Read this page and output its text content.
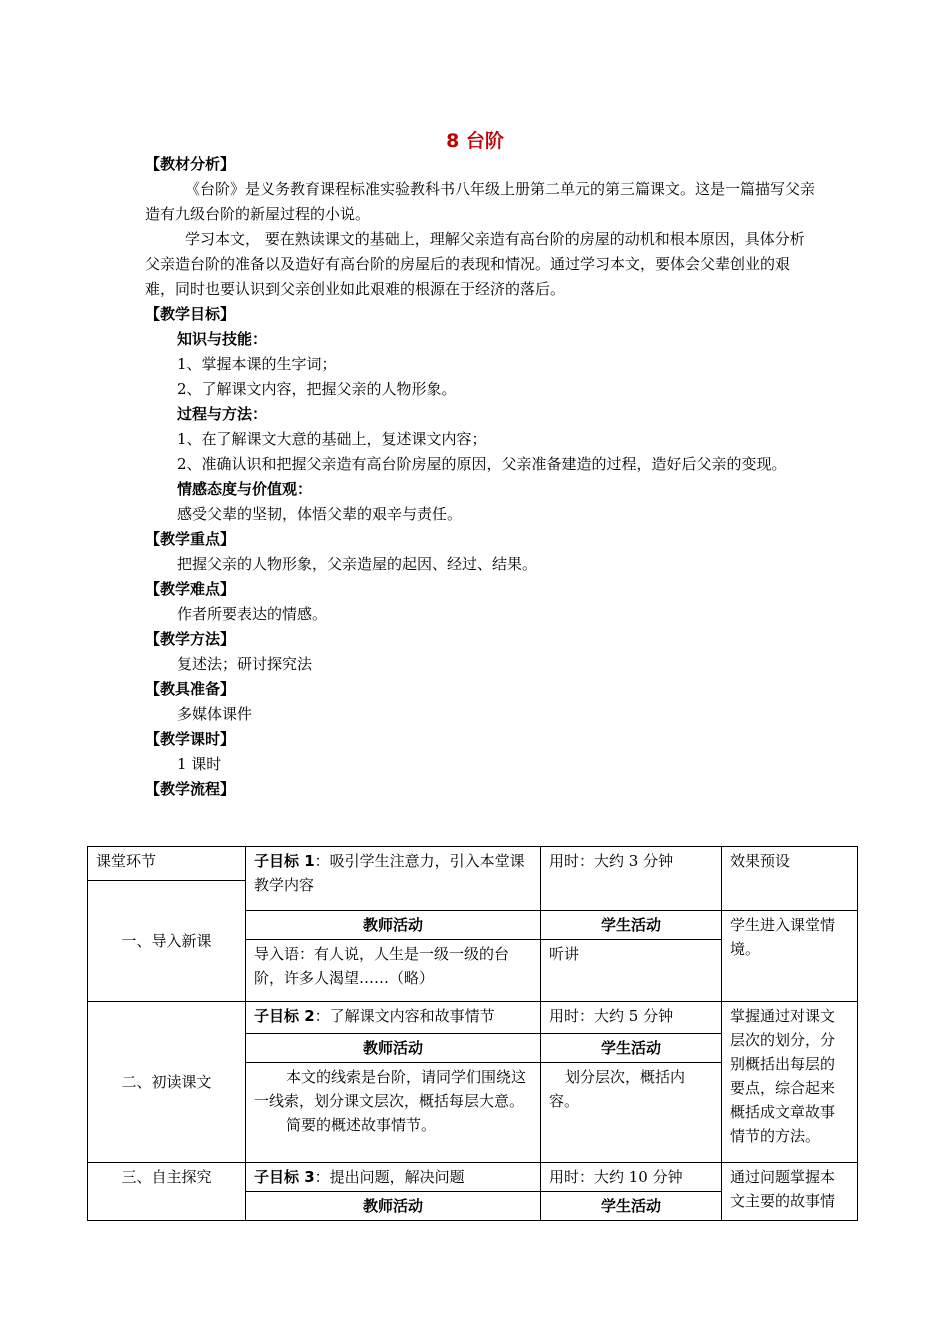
8 台阶

【教材分析】

《台阶》是义务教育课程标准实验教科书八年级上册第二单元的第三篇课文。这是一篇描写父亲造有九级台阶的新屋过程的小说。

学习本文， 要在熟读课文的基础上，理解父亲造有高台阶的房屋的动机和根本原因，具体分析父亲造台阶的准备以及造好有高台阶的房屋后的表现和情况。通过学习本文，要体会父辈创业的艰难，同时也要认识到父亲创业如此艰难的根源在于经济的落后。

【教学目标】

知识与技能：

1、掌握本课的生字词；

2、了解课文内容，把握父亲的人物形象。

过程与方法：

1、在了解课文大意的基础上，复述课文内容；

2、准确认识和把握父亲造有高台阶房屋的原因，父亲准备建造的过程，造好后父亲的变现。

情感态度与价值观：

感受父辈的坚韧，体悟父辈的艰辛与责任。

【教学重点】

把握父亲的人物形象，父亲造屋的起因、经过、结果。

【教学难点】

作者所要表达的情感。

【教学方法】

复述法；研讨探究法

【教具准备】

多媒体课件

【教学课时】

1 课时

【教学流程】

课堂环节	子目标 1：吸引学生注意力，引入本堂课教学内容	用时：大约 3 分钟	效果预设
一、导入新课			
	教师活动	学生活动	学生进入课堂情境。
	导入语：有人说，人生是一级一级的台阶，许多人渴望……（略）	听讲	
二、初读课文	子目标 2：了解课文内容和故事情节	用时：大约 5 分钟	掌握通过对课文层次的划分，分别概括出每层的要点，综合起来概括成文章故事情节的方法。
	教师活动	学生活动	

	本文的线索是台阶，请同学们围绕这一线索，划分课文层次，概括每层大意。
简要的概述故事情节。	划分层次，概括内容。	

三、自主探究	子目标 3：提出问题，解决问题	用时：大约 10 分钟	通过问题掌握本文主要的故事情
	教师活动	学生活动	
